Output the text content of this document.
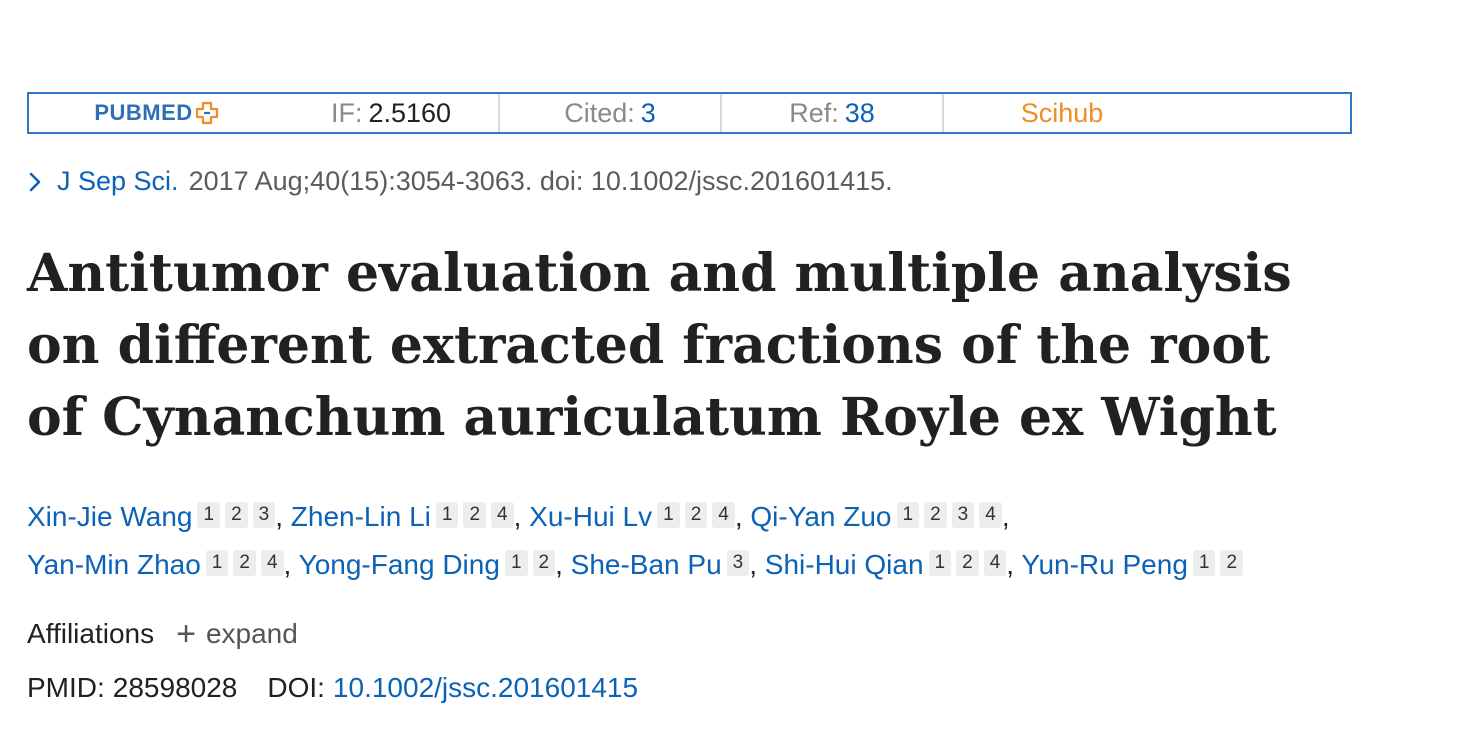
PUBMED	IF: 2.5160	Cited: 3	Ref: 38	Scihub
J Sep Sci. 2017 Aug;40(15):3054-3063. doi: 10.1002/jssc.201601415.
Antitumor evaluation and multiple analysis on different extracted fractions of the root of Cynanchum auriculatum Royle ex Wight
Xin-Jie Wang 1 2 3 , Zhen-Lin Li 1 2 4 , Xu-Hui Lv 1 2 4 , Qi-Yan Zuo 1 2 3 4 ,
Yan-Min Zhao 1 2 4 , Yong-Fang Ding 1 2 , She-Ban Pu 3 , Shi-Hui Qian 1 2 4 , Yun-Ru Peng 1 2
Affiliations + expand
PMID: 28598028 DOI: 10.1002/jssc.201601415
